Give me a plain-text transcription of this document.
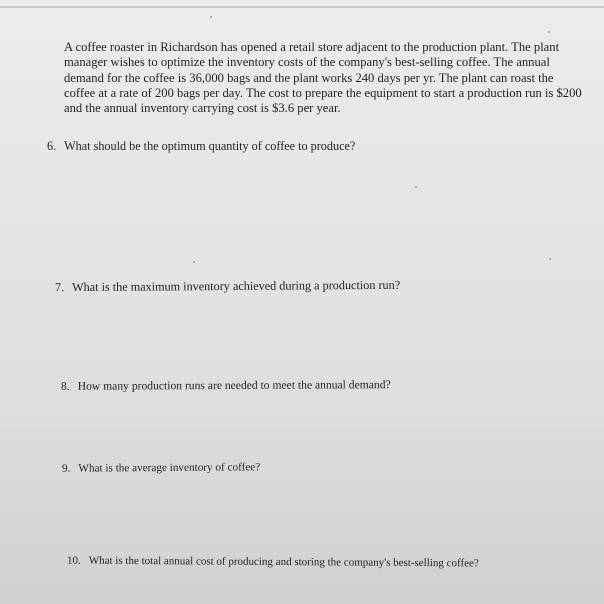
A coffee roaster in Richardson has opened a retail store adjacent to the production plant. The plant manager wishes to optimize the inventory costs of the company's best-selling coffee. The annual demand for the coffee is 36,000 bags and the plant works 240 days per yr. The plant can roast the coffee at a rate of 200 bags per day. The cost to prepare the equipment to start a production run is $200 and the annual inventory carrying cost is $3.6 per year.

6. What should be the optimum quantity of coffee to produce?

7. What is the maximum inventory achieved during a production run?

8. How many production runs are needed to meet the annual demand?

9. What is the average inventory of coffee?

10. What is the total annual cost of producing and storing the company's best-selling coffee?
